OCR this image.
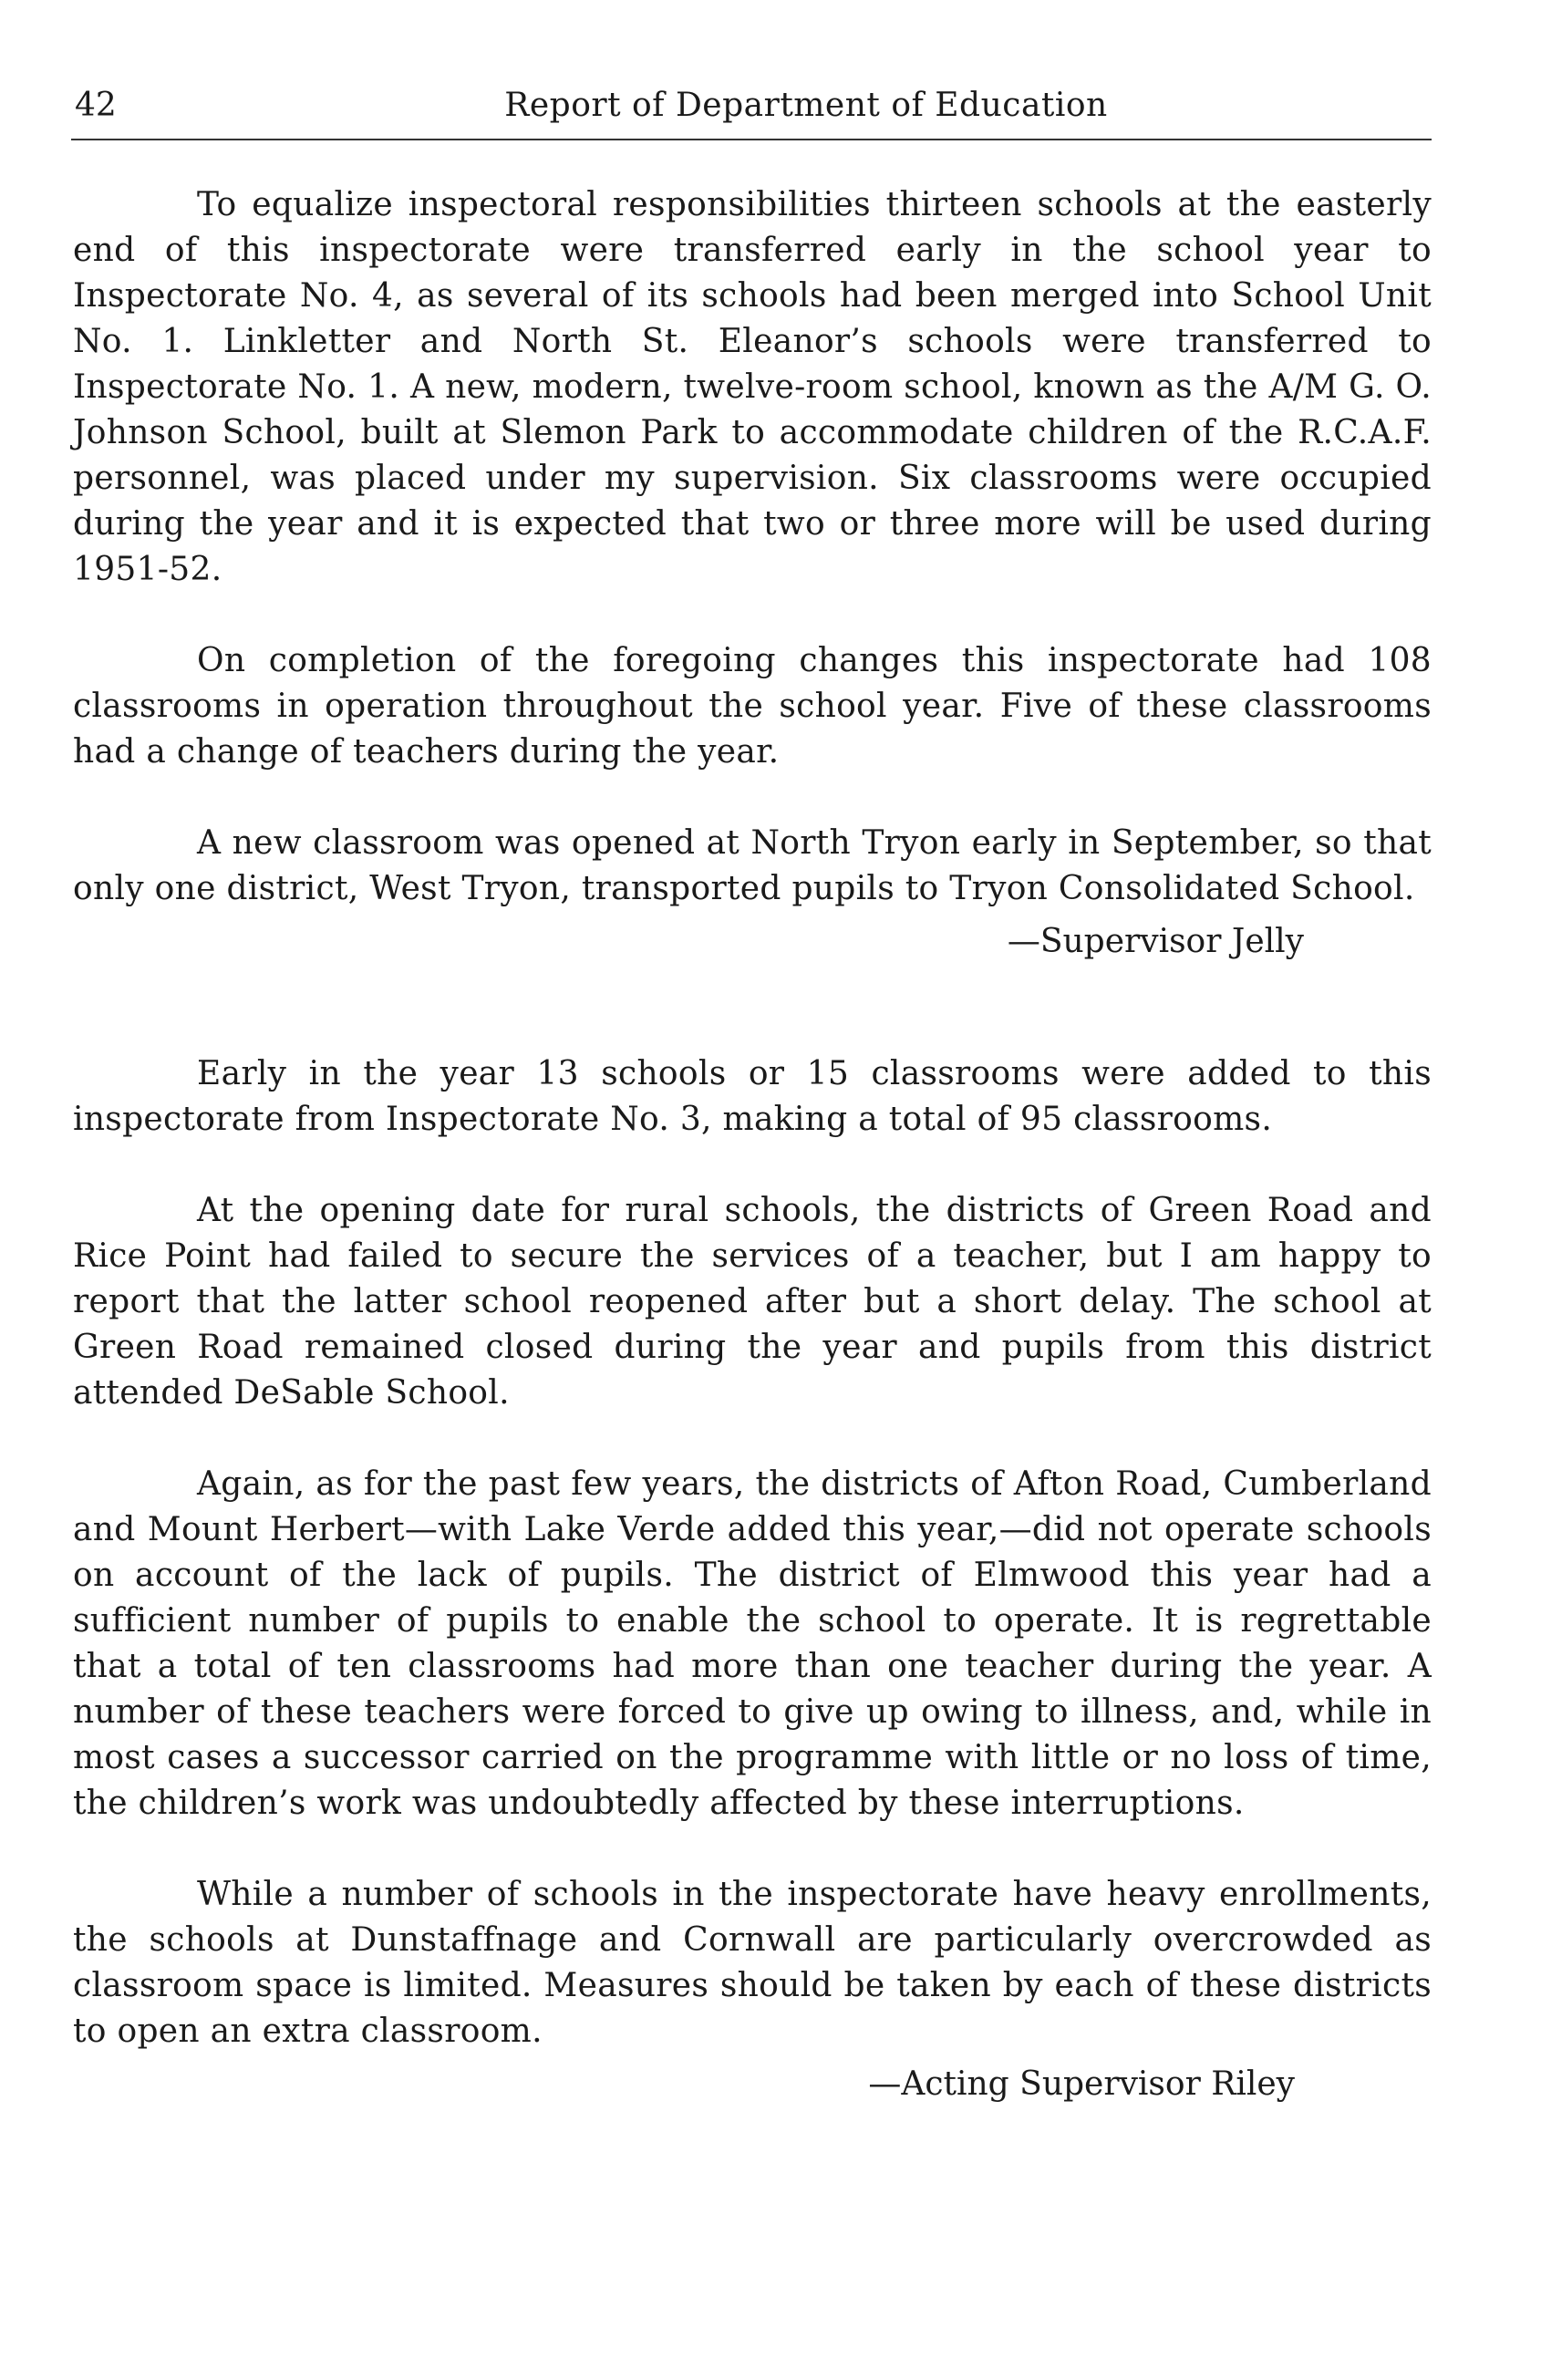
42	Report of Department of Education

To equalize inspectoral responsibilities thirteen schools at the easterly end of this inspectorate were transferred early in the school year to Inspectorate No. 4, as several of its schools had been merged into School Unit No. 1. Linkletter and North St. Eleanor’s schools were transferred to Inspectorate No. 1. A new, modern, twelve-room school, known as the A/M G. O. Johnson School, built at Slemon Park to accommodate children of the R.C.A.F. personnel, was placed under my supervision. Six classrooms were occupied during the year and it is expected that two or three more will be used during 1951-52.

On completion of the foregoing changes this inspectorate had 108 classrooms in operation throughout the school year. Five of these classrooms had a change of teachers during the year.

A new classroom was opened at North Tryon early in September, so that only one district, West Tryon, transported pupils to Tryon Consolidated School.

—Supervisor Jelly

Early in the year 13 schools or 15 classrooms were added to this inspectorate from Inspectorate No. 3, making a total of 95 classrooms.

At the opening date for rural schools, the districts of Green Road and Rice Point had failed to secure the services of a teacher, but I am happy to report that the latter school reopened after but a short delay. The school at Green Road remained closed during the year and pupils from this district attended DeSable School.

Again, as for the past few years, the districts of Afton Road, Cumberland and Mount Herbert—with Lake Verde added this year,—did not operate schools on account of the lack of pupils. The district of Elmwood this year had a sufficient number of pupils to enable the school to operate. It is regrettable that a total of ten classrooms had more than one teacher during the year. A number of these teachers were forced to give up owing to illness, and, while in most cases a successor carried on the programme with little or no loss of time, the children’s work was undoubtedly affected by these interruptions.

While a number of schools in the inspectorate have heavy enrollments, the schools at Dunstaffnage and Cornwall are particularly overcrowded as classroom space is limited. Measures should be taken by each of these districts to open an extra classroom.

—Acting Supervisor Riley
